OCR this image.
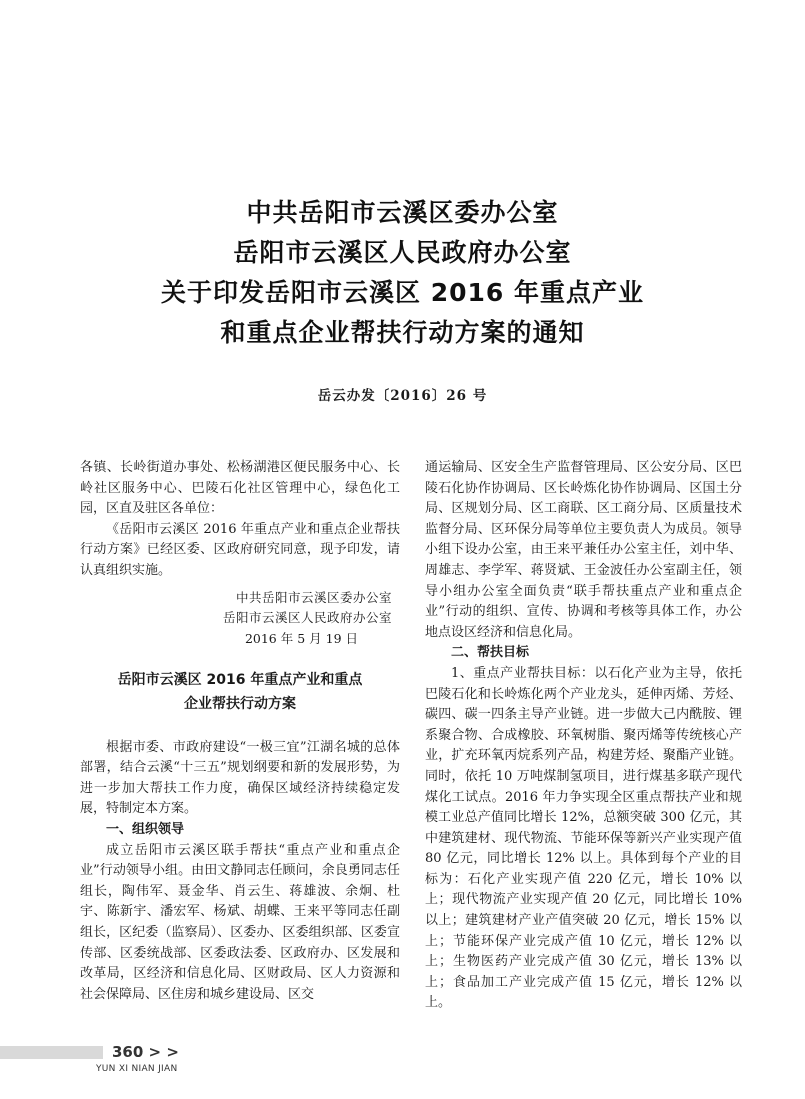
中共岳阳市云溪区委办公室
岳阳市云溪区人民政府办公室
关于印发岳阳市云溪区 2016 年重点产业
和重点企业帮扶行动方案的通知
岳云办发〔2016〕26 号

各镇、长岭街道办事处、松杨湖港区便民服务中心、长岭社区服务中心、巴陵石化社区管理中心，绿色化工园，区直及驻区各单位：

《岳阳市云溪区 2016 年重点产业和重点企业帮扶行动方案》已经区委、区政府研究同意，现予印发，请认真组织实施。

中共岳阳市云溪区委办公室
岳阳市云溪区人民政府办公室
2016 年 5 月 19 日
岳阳市云溪区 2016 年重点产业和重点
企业帮扶行动方案

根据市委、市政府建设“一极三宜”江湖名城的总体部署，结合云溪“十三五”规划纲要和新的发展形势，为进一步加大帮扶工作力度，确保区域经济持续稳定发展，特制定本方案。

一、组织领导

成立岳阳市云溪区联手帮扶“重点产业和重点企业”行动领导小组。由田文静同志任顾问，余良勇同志任组长，陶伟军、聂金华、肖云生、蒋雄波、余炯、杜宇、陈新宇、潘宏军、杨斌、胡蝶、王来平等同志任副组长，区纪委（监察局）、区委办、区委组织部、区委宣传部、区委统战部、区委政法委、区政府办、区发展和改革局，区经济和信息化局、区财政局、区人力资源和社会保障局、区住房和城乡建设局、区交

通运输局、区安全生产监督管理局、区公安分局、区巴陵石化协作协调局、区长岭炼化协作协调局、区国土分局、区规划分局、区工商联、区工商分局、区质量技术监督分局、区环保分局等单位主要负责人为成员。领导小组下设办公室，由王来平兼任办公室主任，刘中华、周雄志、李学军、蒋贤斌、王金波任办公室副主任，领导小组办公室全面负责“联手帮扶重点产业和重点企业”行动的组织、宣传、协调和考核等具体工作，办公地点设区经济和信息化局。

二、帮扶目标

1、重点产业帮扶目标：以石化产业为主导，依托巴陵石化和长岭炼化两个产业龙头，延伸丙烯、芳烃、碳四、碳一四条主导产业链。进一步做大己内酰胺、锂系聚合物、合成橡胶、环氧树脂、聚丙烯等传统核心产业，扩充环氧丙烷系列产品，构建芳烃、聚酯产业链。同时，依托 10 万吨煤制氢项目，进行煤基多联产现代煤化工试点。2016 年力争实现全区重点帮扶产业和规模工业总产值同比增长 12%，总额突破 300 亿元，其中建筑建材、现代物流、节能环保等新兴产业实现产值 80 亿元，同比增长 12% 以上。具体到每个产业的目标为：石化产业实现产值 220 亿元，增长 10% 以上；现代物流产业实现产值 20 亿元，同比增长 10% 以上；建筑建材产业产值突破 20 亿元，增长 15% 以上；节能环保产业完成产值 10 亿元，增长 12% 以上；生物医药产业完成产值 30 亿元，增长 13% 以上；食品加工产业完成产值 15 亿元，增长 12% 以上。

360 > >
YUN XI NIAN JIAN
